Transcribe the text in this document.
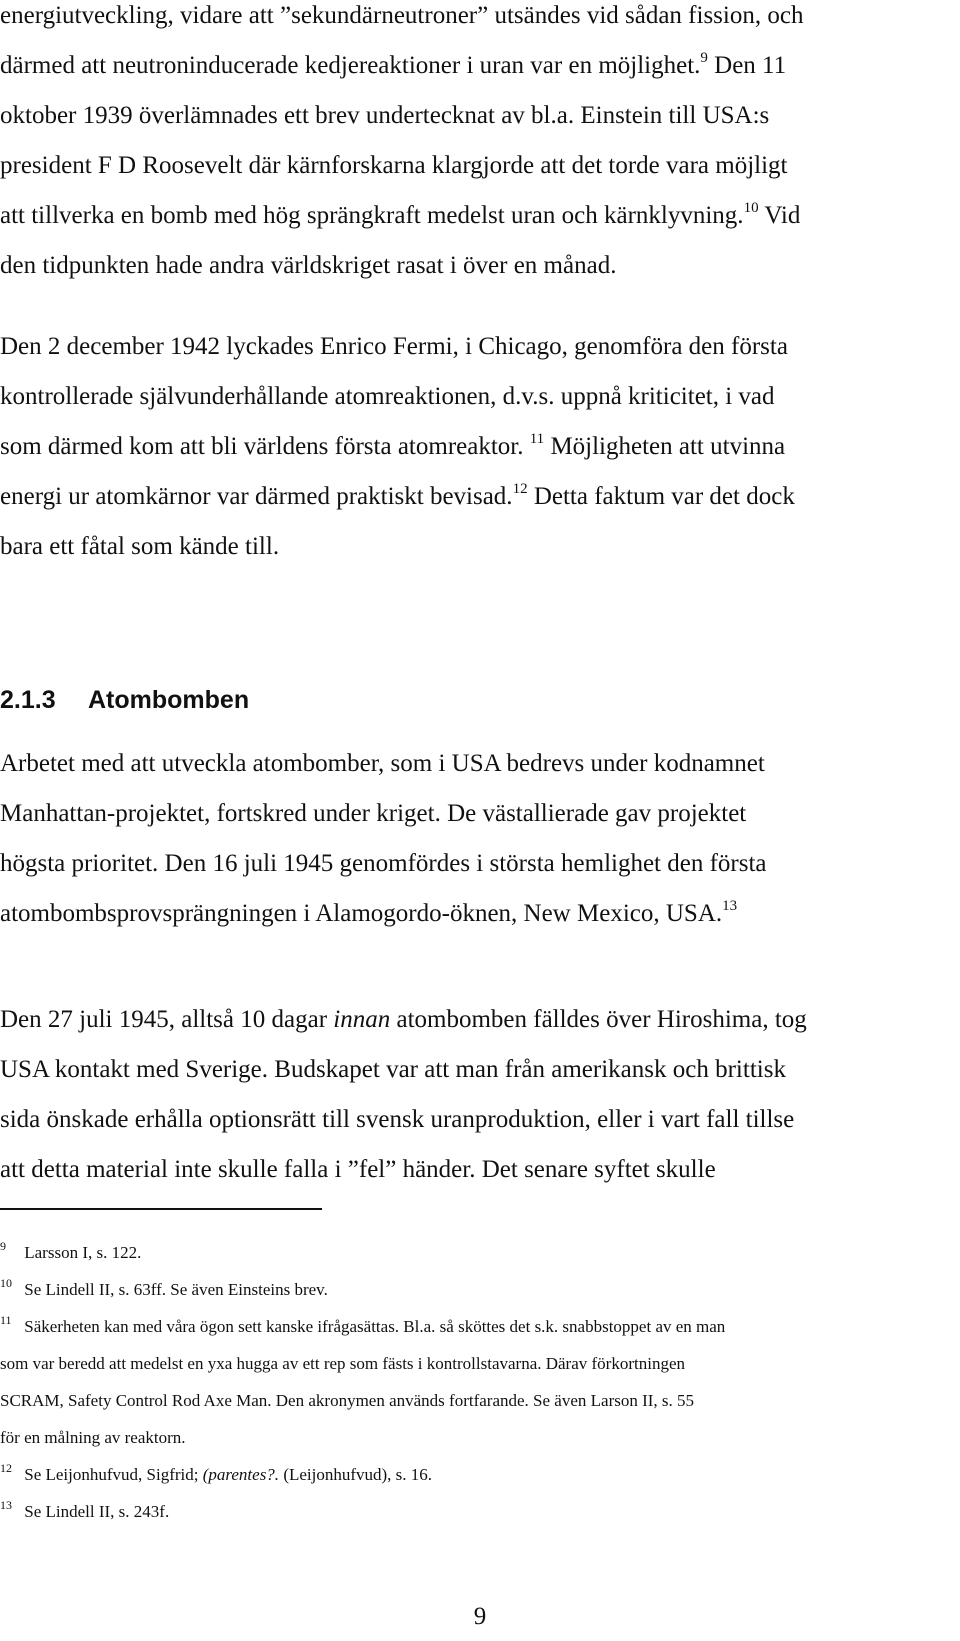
energiutveckling, vidare att ”sekundärneutroner” utsändes vid sådan fission, och
därmed att neutroninducerade kedjereaktioner i uran var en möjlighet.$^9$ Den 11
oktober 1939 överlämnades ett brev undertecknat av bl.a. Einstein till USA:s
president F D Roosevelt där kärnforskarna klargjorde att det torde vara möjligt
att tillverka en bomb med hög sprängkraft medelst uran och kärnklyvning.$^{10}$ Vid
den tidpunkten hade andra världskriget rasat i över en månad.

Den 2 december 1942 lyckades Enrico Fermi, i Chicago, genomföra den första
kontrollerade självunderhållande atomreaktionen, d.v.s. uppnå kriticitet, i vad
som därmed kom att bli världens första atomreaktor. $^{11}$ Möjligheten att utvinna
energi ur atomkärnor var därmed praktiskt bevisad.$^{12}$ Detta faktum var det dock
bara ett fåtal som kände till.

2.1.3 Atombomben

Arbetet med att utveckla atombomber, som i USA bedrevs under kodnamnet
Manhattan-projektet, fortskred under kriget. De västallierade gav projektet
högsta prioritet. Den 16 juli 1945 genomfördes i största hemlighet den första
atombombsprovsprängningen i Alamogordo-öknen, New Mexico, USA.$^{13}$

Den 27 juli 1945, alltså 10 dagar innan atombomben fälldes över Hiroshima, tog
USA kontakt med Sverige. Budskapet var att man från amerikansk och brittisk
sida önskade erhålla optionsrätt till svensk uranproduktion, eller i vart fall tillse
att detta material inte skulle falla i ”fel” händer. Det senare syftet skulle

$^9$ Larsson I, s. 122.
$^{10}$ Se Lindell II, s. 63ff. Se även Einsteins brev.
$^{11}$ Säkerheten kan med våra ögon sett kanske ifrågasättas. Bl.a. så sköttes det s.k. snabbstoppet av en man
som var beredd att medelst en yxa hugga av ett rep som fästs i kontrollstavarna. Därav förkortningen
SCRAM, Safety Control Rod Axe Man. Den akronymen används fortfarande. Se även Larson II, s. 55
för en målning av reaktorn.
$^{12}$ Se Leijonhufvud, Sigfrid; (parentes?. (Leijonhufvud), s. 16.
$^{13}$ Se Lindell II, s. 243f.
9
